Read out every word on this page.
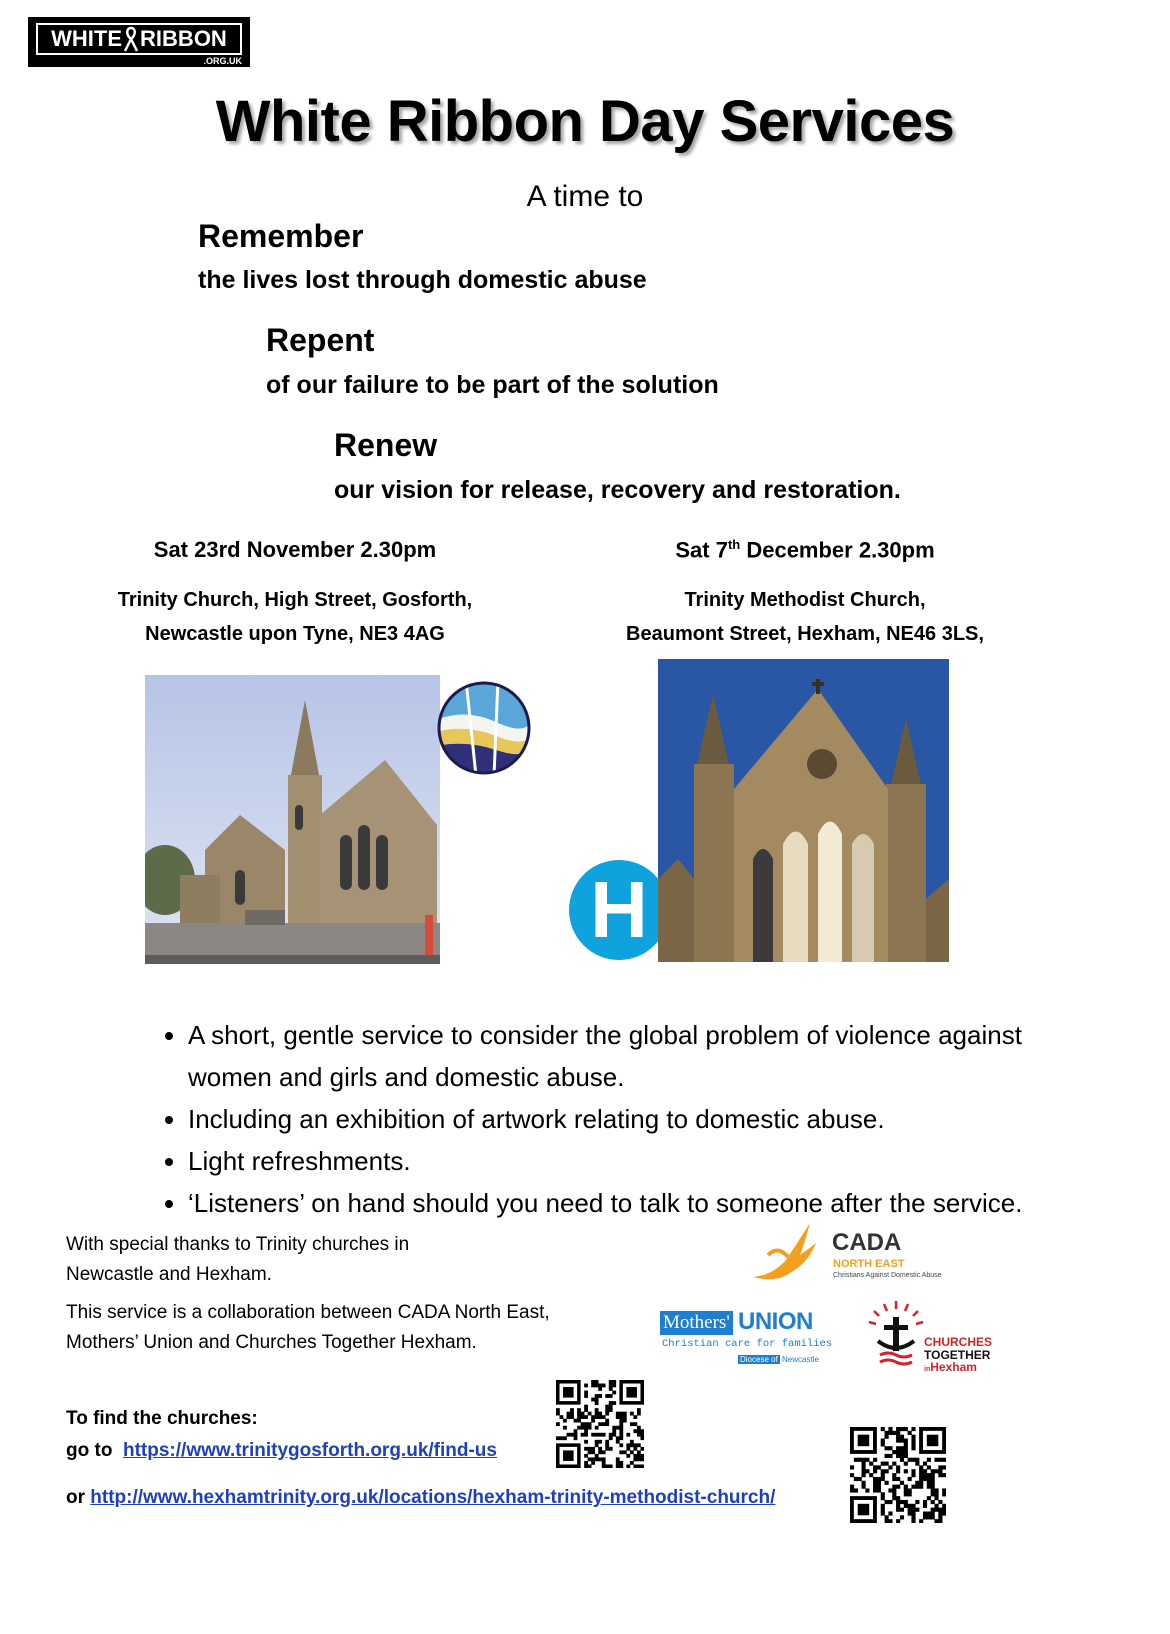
WHITE RIBBON
.ORG.UK
White Ribbon Day Services
A time to
Remember
the lives lost through domestic abuse
Repent
of our failure to be part of the solution
Renew
our vision for release, recovery and restoration.
Sat 23rd November 2.30pm
Trinity Church, High Street, Gosforth,
Newcastle upon Tyne, NE3 4AG
Sat 7th December 2.30pm
Trinity Methodist Church,
Beaumont Street, Hexham, NE46 3LS,
H
• A short, gentle service to consider the global problem of violence against women and girls and domestic abuse.
• Including an exhibition of artwork relating to domestic abuse.
• Light refreshments.
• ‘Listeners’ on hand should you need to talk to someone after the service.
With special thanks to Trinity churches in
Newcastle and Hexham.
This service is a collaboration between CADA North East,
Mothers’ Union and Churches Together Hexham.
CADA
NORTH EAST
Christians Against Domestic Abuse
Mothers' UNION
Christian care for families
Diocese of Newcastle
CHURCHES
TOGETHER
inHexham
To find the churches:
go to https://www.trinitygosforth.org.uk/find-us
or http://www.hexhamtrinity.org.uk/locations/hexham-trinity-methodist-church/
